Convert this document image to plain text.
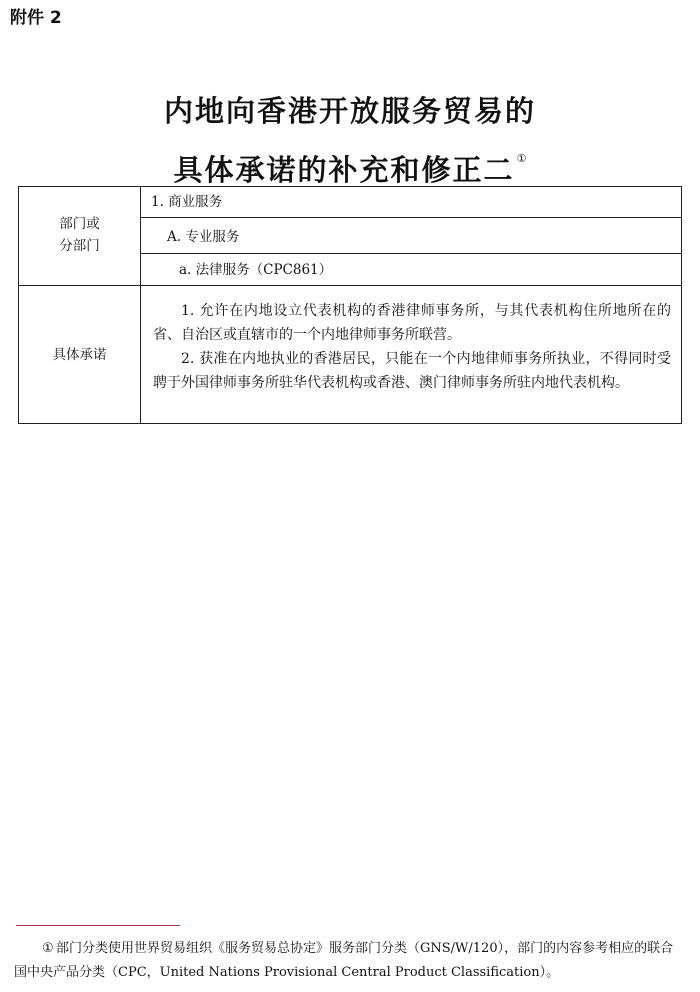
附件 2
内地向香港开放服务贸易的
具体承诺的补充和修正二 ①
部门或
分部门
1. 商业服务
A. 专业服务
a. 法律服务（CPC861）
具体承诺

1. 允许在内地设立代表机构的香港律师事务所，与其代表机构住所地所在的省、自治区或直辖市的一个内地律师事务所联营。

2. 获准在内地执业的香港居民，只能在一个内地律师事务所执业，不得同时受聘于外国律师事务所驻华代表机构或香港、澳门律师事务所驻内地代表机构。

① 部门分类使用世界贸易组织《服务贸易总协定》服务部门分类（GNS/W/120），部门的内容参考相应的联合国中央产品分类（CPC，United Nations Provisional Central Product Classification）。
